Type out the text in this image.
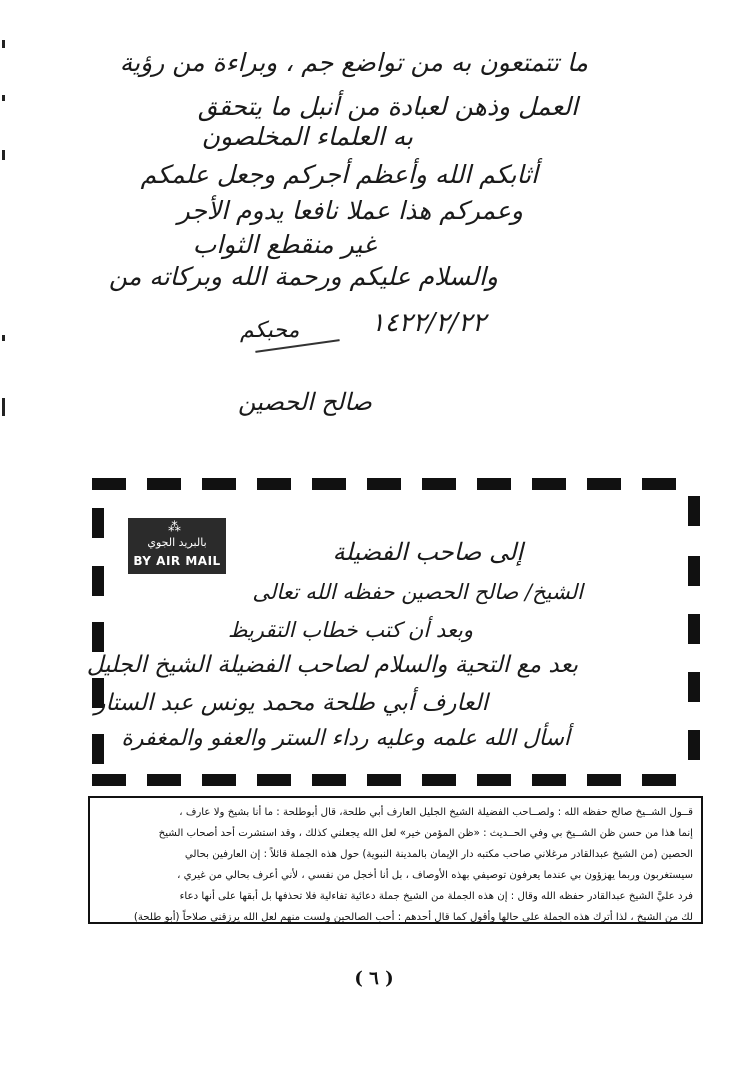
ما تتمتعون به من تواضع جم ، وبراءة من رؤية
العمل وذهن لعبادة من أنبل ما يتحقق
به العلماء المخلصون
أثابكم الله وأعظم أجركم وجعل علمكم
وعمركم هذا عملا نافعا يدوم الأجر
غير منقطع الثواب
والسلام عليكم ورحمة الله وبركاته من
١٤٢٢/٢/٢٢
محبكم
صالح الحصين
⁂
بالبريد الجوي
BY AIR MAIL	إلى صاحب الفضيلة
الشيخ/ صالح الحصين حفظه الله تعالى
وبعد أن كتب خطاب التقريظ
بعد مع التحية والسلام لصاحب الفضيلة الشيخ الجليل
العارف أبي طلحة محمد يونس عبد الستار
أسأل الله علمه وعليه رداء الستر والعفو والمغفرة
قــول الشــيخ صالح حفظه الله : ولصــاحب الفضيلة الشيخ الجليل العارف أبي طلحة، قال أبوطلحة : ما أنا بشيخ ولا عارف ،
إنما هذا من حسن ظن الشــيخ بي وفي الحــديث : «ظن المؤمن خير» لعل الله يجعلني كذلك ، وقد استشرت أحد أصحاب الشيخ
الحصين (من الشيخ عبدالقادر مرغلاني صاحب مكتبه دار الإيمان بالمدينة النبوية) حول هذه الجملة قائلاً : إن العارفين بحالي
سيستغربون وربما يهزؤون بي عندما يعرفون توصيفي بهذه الأوصاف ، بل أنا أخجل من نفسي ، لأني أعرف بحالي من غيري ،
فرد عليَّ الشيخ عبدالقادر حفظه الله وقال : إن هذه الجملة من الشيخ جملة دعائية تفاءلية فلا تحذفها بل أبقها على أنها دعاء
لك من الشيخ ، لذا أترك هذه الجملة على حالها وأقول كما قال أحدهم : أحب الصالحين ولست منهم لعل الله يرزقني صلاحاً (أبو طلحة)
( ٦ )
